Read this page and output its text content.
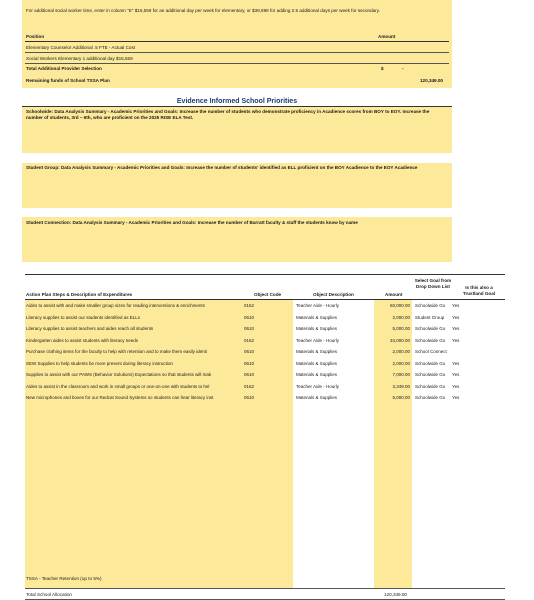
For additional social worker time, enter in column "E" $15,559 for an additional day per week for elementary, or $38,898 for adding 2.5 additional days per week for secondary.
Position	Amount
Elementary Counselor Additional .5 FTE - Actual Cost
Social Workers Elementary 1 additional day $15,559
Total Additional Provider Selection	$	-
Remaining funds of School TSSA Plan	120,349.00
Evidence Informed School Priorities
Schoolwide: Data Analysis Summary - Academic Priorities and Goals: Increase the number of students who demonstrate proficiency in Acadience scores from BOY to EOY. Increase the number of students, 3rd – 6th, who are proficient on the 2025 RISE ELA Test.
Student Group: Data Analysis Summary - Academic Priorities and Goals: Increase the number of students' identified as ELL proficient on the BOY Acadience to the EOY Acadience
Student Connection: Data Analysis Summary - Academic Priorities and Goals: Increase the number of Barratt faculty & staff the students know by name
Action Plan Steps & Description of Expenditures	Object Code	Object Description	Amount
Select Goal from Drop Down List	Is this also a Trustland Goal
Aides to assist with and make smaller group sizes for reading interventions & enrichments	0162	Teacher Aide - Hourly	60,000.00 Schoolwide Go	Yes
Literacy supplies to assist our students identified as ELLs	0610	Materials & Supplies	2,000.00 Student Group	Yes
Literacy supplies to assist teachers and aides reach all students	0610	Materials & Supplies	5,000.00 Schoolwide Go	Yes
Kindergarten aides to assist students with literacy needs	0162	Teacher Aide - Hourly	34,000.00 Schoolwide Go	Yes
Purchase clothing items for the faculty to help with retention and to make them easily identi	0610	Materials & Supplies	2,000.00 School Connect
SEW Supplies to help students be more present during literacy instruction	0610	Materials & Supplies	2,000.00 Schoolwide Go	Yes
Supplies to assist with our PAWS (Behavior Solutions) Expectations so that students will mak	0610	Materials & Supplies	7,000.00 Schoolwide Go	Yes
Aides to assist in the classroom and work in small groups or one-on-one with students to hel	0162	Teacher Aide - Hourly	3,349.00 Schoolwide Go	Yes
New microphones and boxes for our Redcat Sound Systems so students can hear literacy inst	0610	Materials & Supplies	5,000.00 Schoolwide Go	Yes
TSSA - Teacher Retention (up to 5%)
Total School Allocation	120,349.00
